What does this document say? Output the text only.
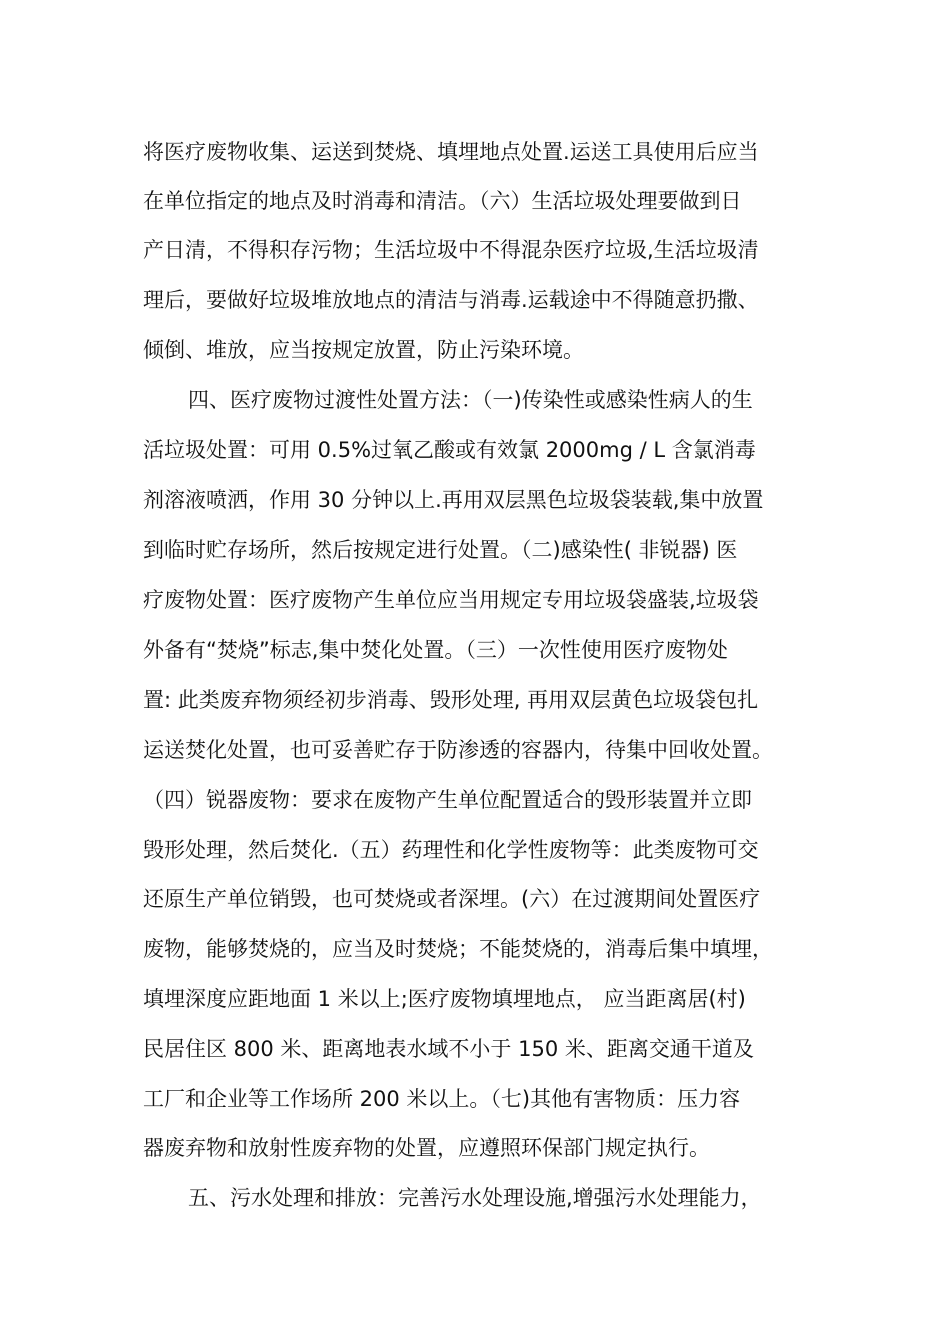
将医疗废物收集、运送到焚烧、填埋地点处置.运送工具使用后应当
在单位指定的地点及时消毒和清洁。（六）生活垃圾处理要做到日
产日清，不得积存污物；生活垃圾中不得混杂医疗垃圾,生活垃圾清
理后，要做好垃圾堆放地点的清洁与消毒.运载途中不得随意扔撒、
倾倒、堆放，应当按规定放置，防止污染环境。
四、医疗废物过渡性处置方法：（一)传染性或感染性病人的生
活垃圾处置：可用 0.5%过氧乙酸或有效氯 2000mg / L 含氯消毒
剂溶液喷洒，作用 30 分钟以上.再用双层黑色垃圾袋装载,集中放置
到临时贮存场所，然后按规定进行处置。（二)感染性( 非锐器) 医
疗废物处置：医疗废物产生单位应当用规定专用垃圾袋盛装,垃圾袋
外备有“焚烧”标志,集中焚化处置。（三）一次性使用医疗废物处
置: 此类废弃物须经初步消毒、毁形处理, 再用双层黄色垃圾袋包扎
运送焚化处置，也可妥善贮存于防渗透的容器内，待集中回收处置。
（四）锐器废物：要求在废物产生单位配置适合的毁形装置并立即
毁形处理，然后焚化.（五）药理性和化学性废物等：此类废物可交
还原生产单位销毁，也可焚烧或者深埋。(六）在过渡期间处置医疗
废物，能够焚烧的，应当及时焚烧；不能焚烧的，消毒后集中填埋，
填埋深度应距地面 1 米以上;医疗废物填埋地点， 应当距离居(村)
民居住区 800 米、距离地表水域不小于 150 米、距离交通干道及
工厂和企业等工作场所 200 米以上。（七)其他有害物质：压力容
器废弃物和放射性废弃物的处置，应遵照环保部门规定执行。
五、污水处理和排放：完善污水处理设施,增强污水处理能力，
